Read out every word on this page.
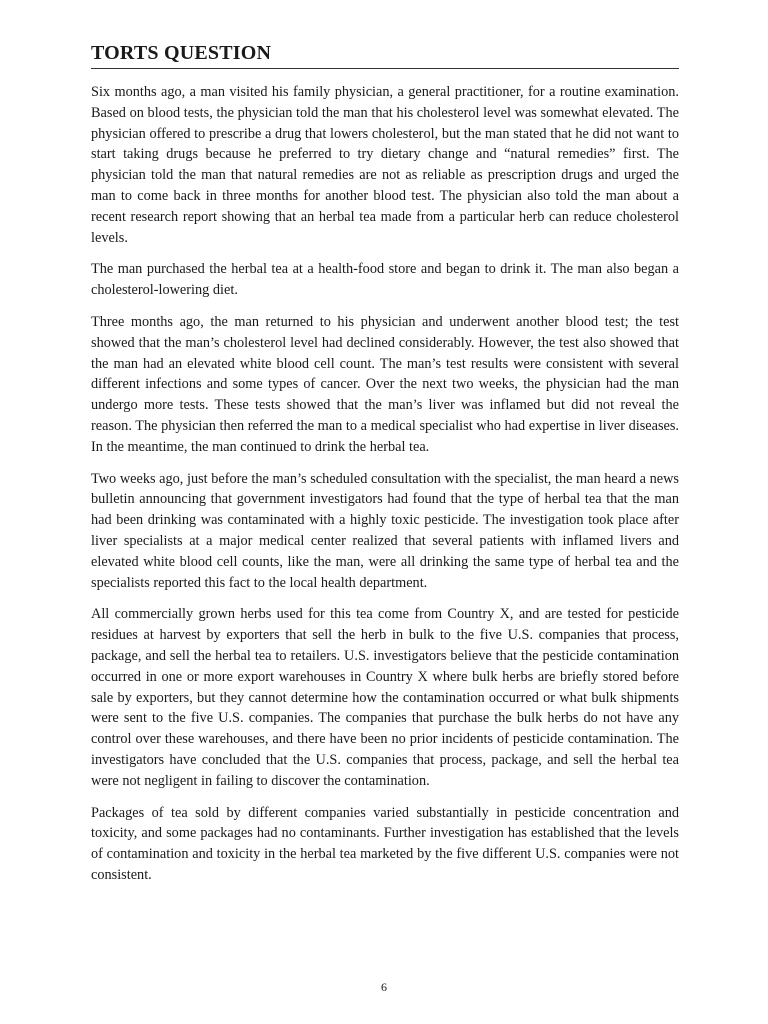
TORTS QUESTION

Six months ago, a man visited his family physician, a general practitioner, for a routine examination. Based on blood tests, the physician told the man that his cholesterol level was somewhat elevated. The physician offered to prescribe a drug that lowers cholesterol, but the man stated that he did not want to start taking drugs because he preferred to try dietary change and “natural remedies” first. The physician told the man that natural remedies are not as reliable as prescription drugs and urged the man to come back in three months for another blood test. The physician also told the man about a recent research report showing that an herbal tea made from a particular herb can reduce cholesterol levels.

The man purchased the herbal tea at a health-food store and began to drink it. The man also began a cholesterol-lowering diet.

Three months ago, the man returned to his physician and underwent another blood test; the test showed that the man’s cholesterol level had declined considerably. However, the test also showed that the man had an elevated white blood cell count. The man’s test results were consistent with several different infections and some types of cancer. Over the next two weeks, the physician had the man undergo more tests. These tests showed that the man’s liver was inflamed but did not reveal the reason. The physician then referred the man to a medical specialist who had expertise in liver diseases. In the meantime, the man continued to drink the herbal tea.

Two weeks ago, just before the man’s scheduled consultation with the specialist, the man heard a news bulletin announcing that government investigators had found that the type of herbal tea that the man had been drinking was contaminated with a highly toxic pesticide. The investigation took place after liver specialists at a major medical center realized that several patients with inflamed livers and elevated white blood cell counts, like the man, were all drinking the same type of herbal tea and the specialists reported this fact to the local health department.

All commercially grown herbs used for this tea come from Country X, and are tested for pesticide residues at harvest by exporters that sell the herb in bulk to the five U.S. companies that process, package, and sell the herbal tea to retailers. U.S. investigators believe that the pesticide contamination occurred in one or more export warehouses in Country X where bulk herbs are briefly stored before sale by exporters, but they cannot determine how the contamination occurred or what bulk shipments were sent to the five U.S. companies. The companies that purchase the bulk herbs do not have any control over these warehouses, and there have been no prior incidents of pesticide contamination. The investigators have concluded that the U.S. companies that process, package, and sell the herbal tea were not negligent in failing to discover the contamination.

Packages of tea sold by different companies varied substantially in pesticide concentration and toxicity, and some packages had no contaminants. Further investigation has established that the levels of contamination and toxicity in the herbal tea marketed by the five different U.S. companies were not consistent.

6
